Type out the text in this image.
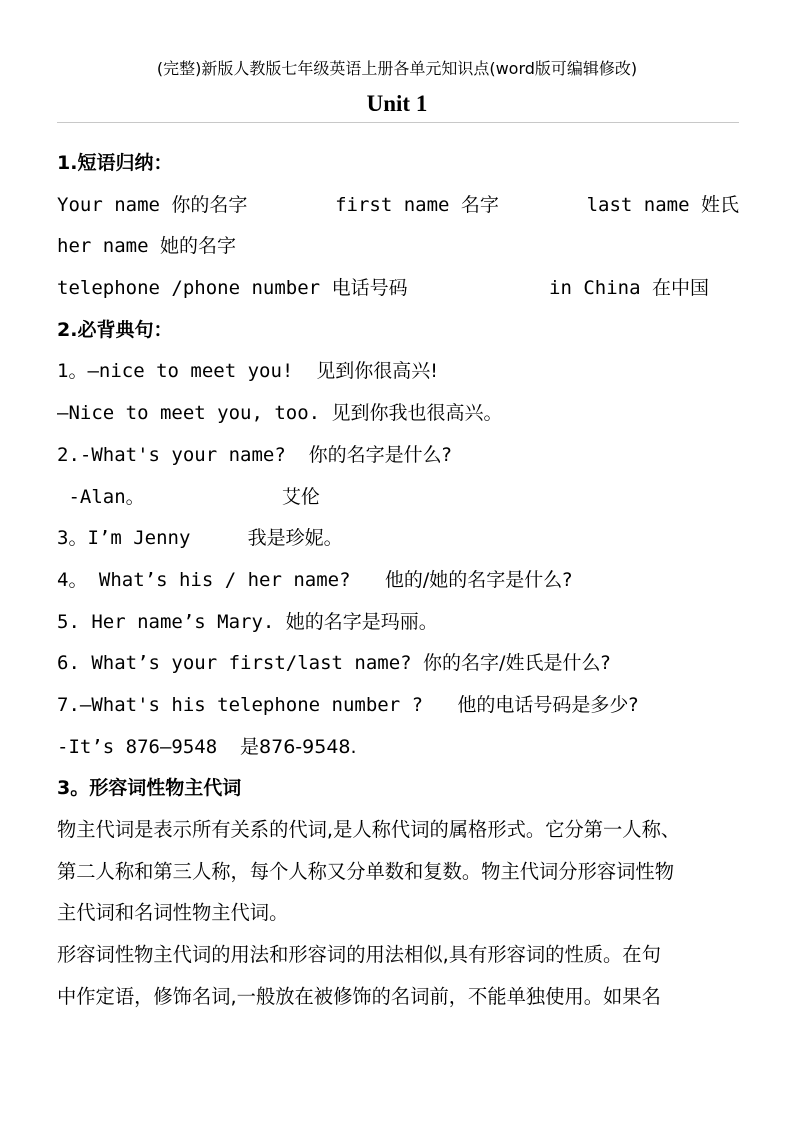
(完整)新版人教版七年级英语上册各单元知识点(word版可编辑修改)
Unit 1
1.短语归纳：
Your name 你的名字	first name 名字	last name 姓氏
her name 她的名字
telephone /phone number 电话号码	in China 在中国
2.必背典句：
1。—nice to meet you!  见到你很高兴!
—Nice to meet you, too. 见到你我也很高兴。
2.-What's your name?  你的名字是什么?
-Alan。            艾伦
3。I’m Jenny     我是珍妮。
4。 What’s his / her name?   他的/她的名字是什么?
5. Her name’s Mary. 她的名字是玛丽。
6. What’s your first/last name? 你的名字/姓氏是什么?
7.—What's his telephone number ?   他的电话号码是多少?
-It’s 876—9548  是876-9548.
3。形容词性物主代词
物主代词是表示所有关系的代词,是人称代词的属格形式。它分第一人称、
第二人称和第三人称，每个人称又分单数和复数。物主代词分形容词性物
主代词和名词性物主代词。
形容词性物主代词的用法和形容词的用法相似,具有形容词的性质。在句
中作定语，修饰名词,一般放在被修饰的名词前，不能单独使用。如果名
